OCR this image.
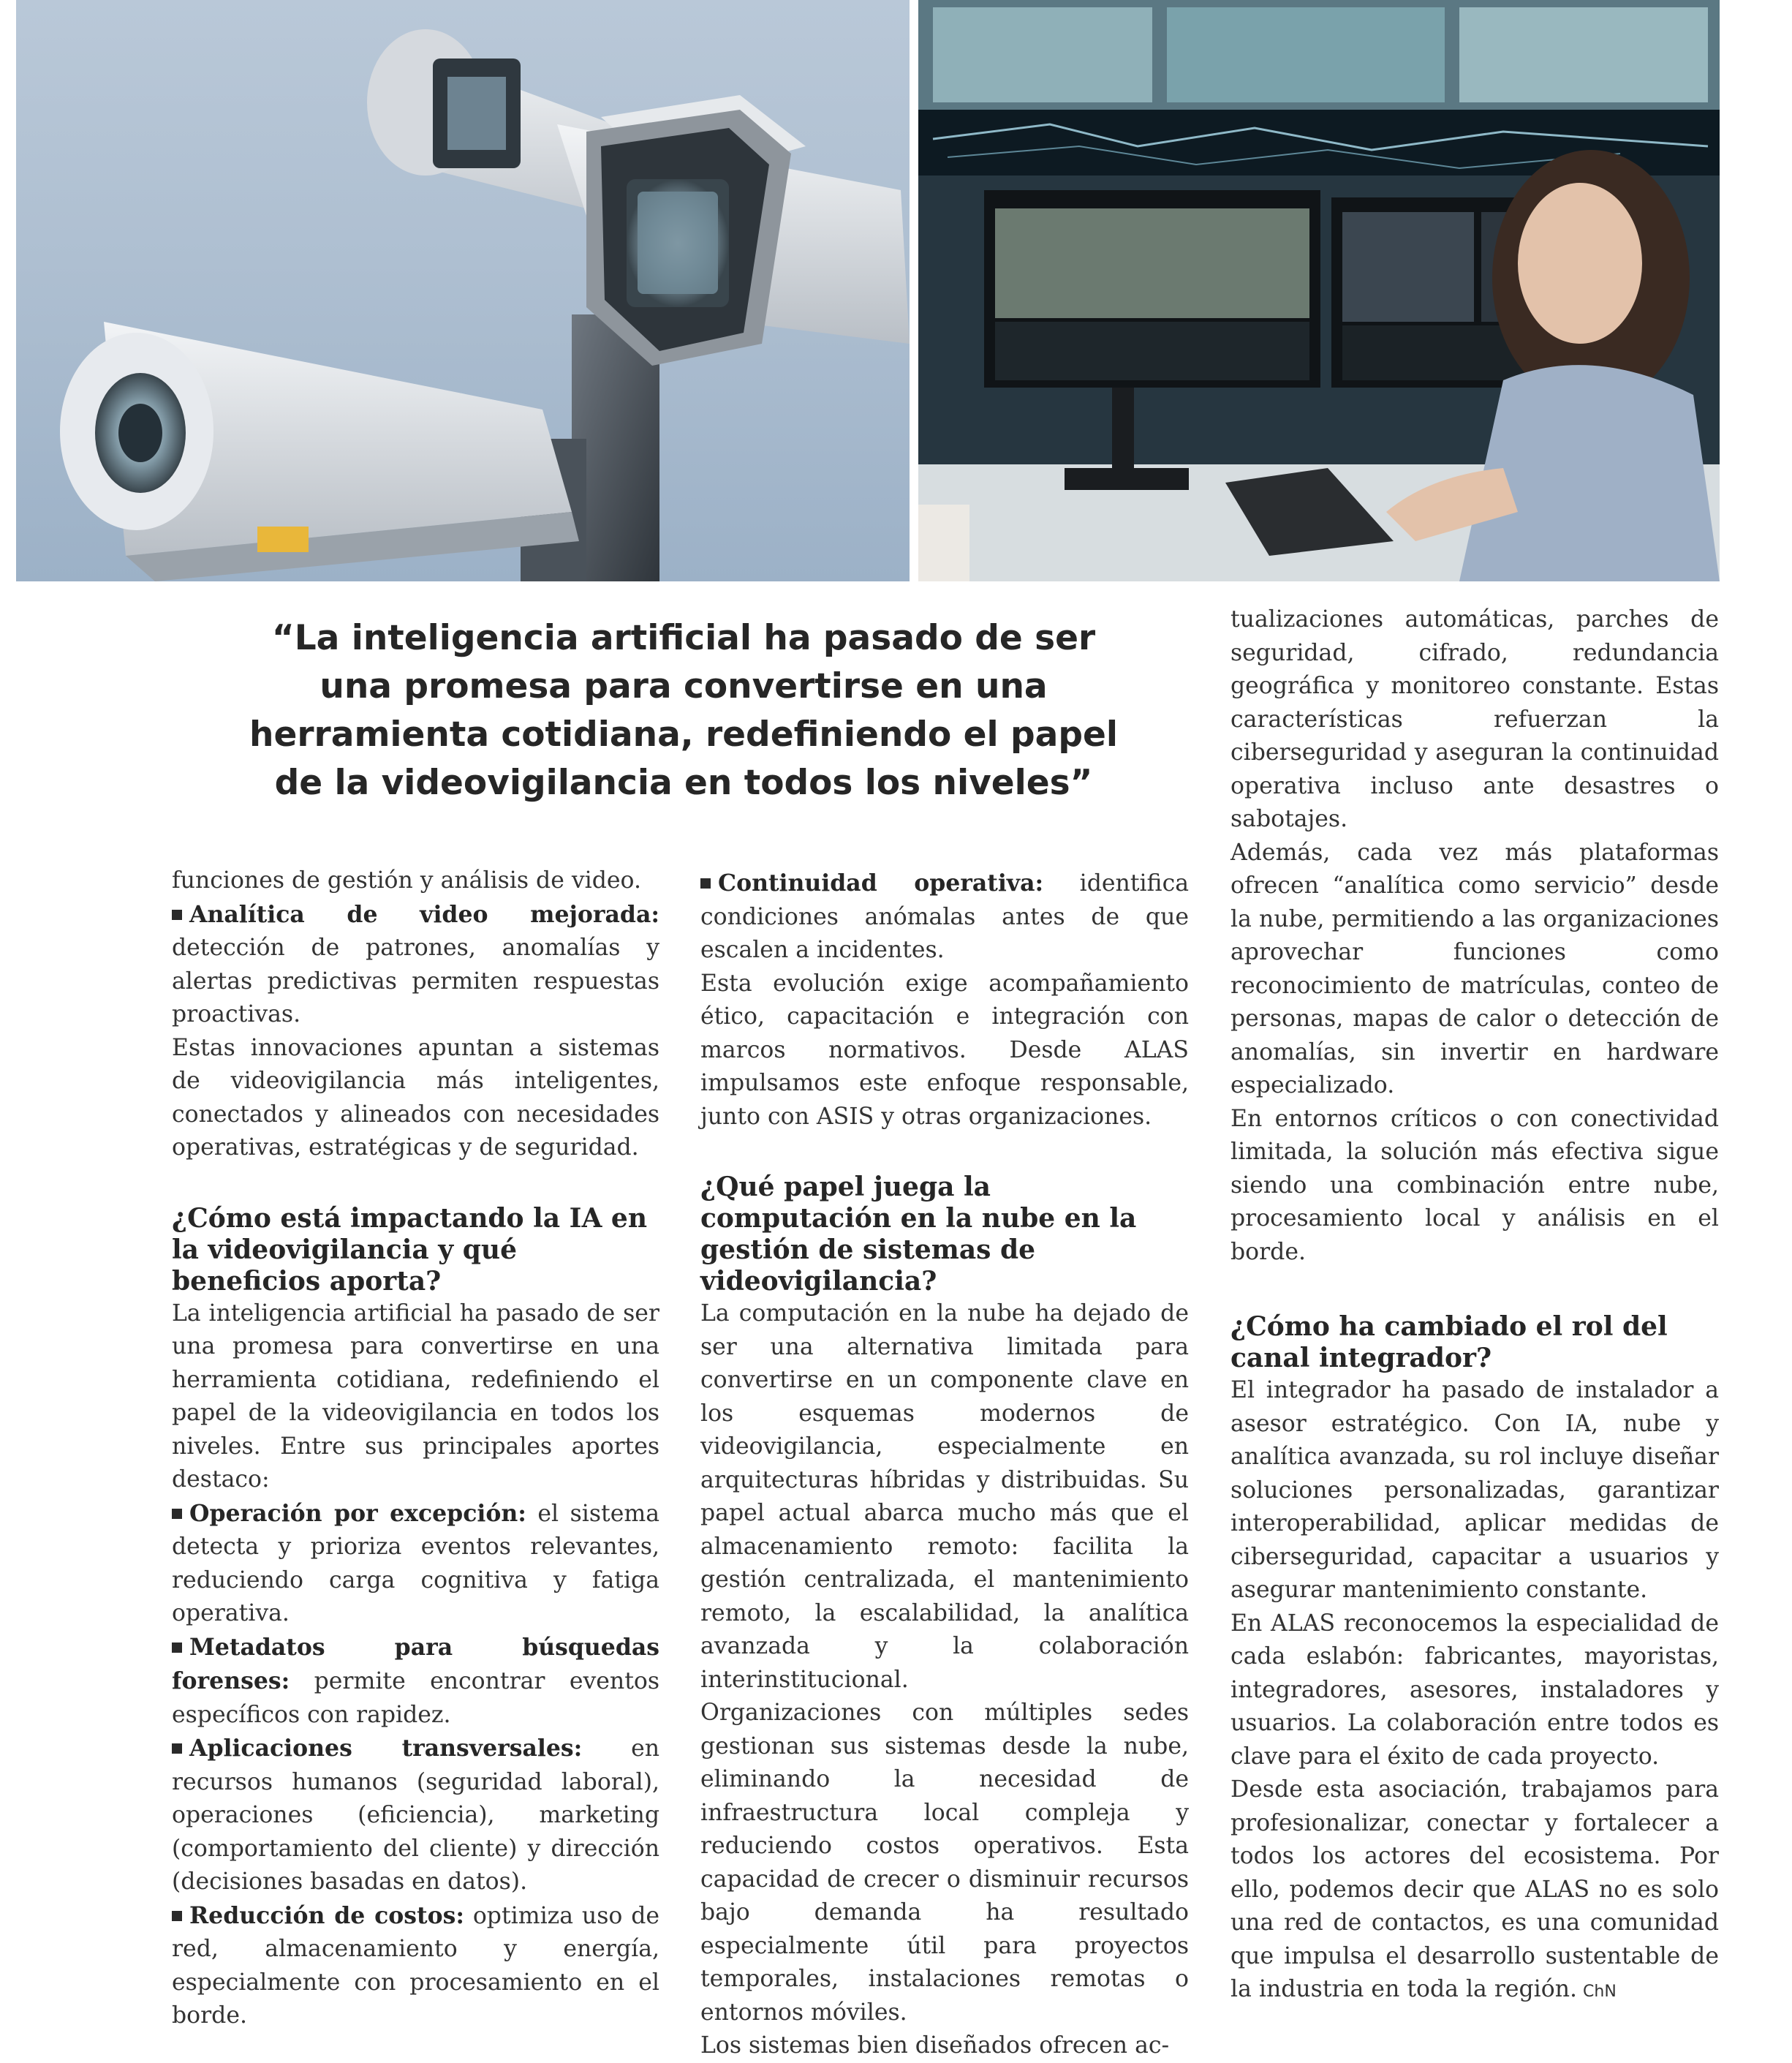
“La inteligencia artificial ha pasado de ser una promesa para convertirse en una herramienta cotidiana, redefiniendo el papel de la videovigilancia en todos los niveles”

funciones de gestión y análisis de video.

Analítica de video mejorada: detección de patrones, anomalías y alertas predictivas permiten respuestas proactivas.

Estas innovaciones apuntan a sistemas de videovigilancia más inteligentes, conectados y alineados con necesidades operativas, estratégicas y de seguridad.

¿Cómo está impactando la IA en la videovigilancia y qué beneficios aporta?

La inteligencia artificial ha pasado de ser una promesa para convertirse en una herramienta cotidiana, redefiniendo el papel de la videovigilancia en todos los niveles. Entre sus principales aportes destaco:

Operación por excepción: el sistema detecta y prioriza eventos relevantes, reduciendo carga cognitiva y fatiga operativa.

Metadatos para búsquedas forenses: permite encontrar eventos específicos con rapidez.

Aplicaciones transversales: en recursos humanos (seguridad laboral), operaciones (eficiencia), marketing (comportamiento del cliente) y dirección (decisiones basadas en datos).

Reducción de costos: optimiza uso de red, almacenamiento y energía, especialmente con procesamiento en el borde.

Continuidad operativa: identifica condiciones anómalas antes de que escalen a incidentes.

Esta evolución exige acompañamiento ético, capacitación e integración con marcos normativos. Desde ALAS impulsamos este enfoque responsable, junto con ASIS y otras organizaciones.

¿Qué papel juega la computación en la nube en la gestión de sistemas de videovigilancia?

La computación en la nube ha dejado de ser una alternativa limitada para convertirse en un componente clave en los esquemas modernos de videovigilancia, especialmente en arquitecturas híbridas y distribuidas. Su papel actual abarca mucho más que el almacenamiento remoto: facilita la gestión centralizada, el mantenimiento remoto, la escalabilidad, la analítica avanzada y la colaboración interinstitucional.

Organizaciones con múltiples sedes gestionan sus sistemas desde la nube, eliminando la necesidad de infraestructura local compleja y reduciendo costos operativos. Esta capacidad de crecer o disminuir recursos bajo demanda ha resultado especialmente útil para proyectos temporales, instalaciones remotas o entornos móviles.

Los sistemas bien diseñados ofrecen ac-

tualizaciones automáticas, parches de seguridad, cifrado, redundancia geográfica y monitoreo constante. Estas características refuerzan la ciberseguridad y aseguran la continuidad operativa incluso ante desastres o sabotajes.

Además, cada vez más plataformas ofrecen “analítica como servicio” desde la nube, permitiendo a las organizaciones aprovechar funciones como reconocimiento de matrículas, conteo de personas, mapas de calor o detección de anomalías, sin invertir en hardware especializado.

En entornos críticos o con conectividad limitada, la solución más efectiva sigue siendo una combinación entre nube, procesamiento local y análisis en el borde.

¿Cómo ha cambiado el rol del canal integrador?

El integrador ha pasado de instalador a asesor estratégico. Con IA, nube y analítica avanzada, su rol incluye diseñar soluciones personalizadas, garantizar interoperabilidad, aplicar medidas de ciberseguridad, capacitar a usuarios y asegurar mantenimiento constante.

En ALAS reconocemos la especialidad de cada eslabón: fabricantes, mayoristas, integradores, asesores, instaladores y usuarios. La colaboración entre todos es clave para el éxito de cada proyecto.

Desde esta asociación, trabajamos para profesionalizar, conectar y fortalecer a todos los actores del ecosistema. Por ello, podemos decir que ALAS no es solo una red de contactos, es una comunidad que impulsa el desarrollo sustentable de la industria en toda la región. ChN
